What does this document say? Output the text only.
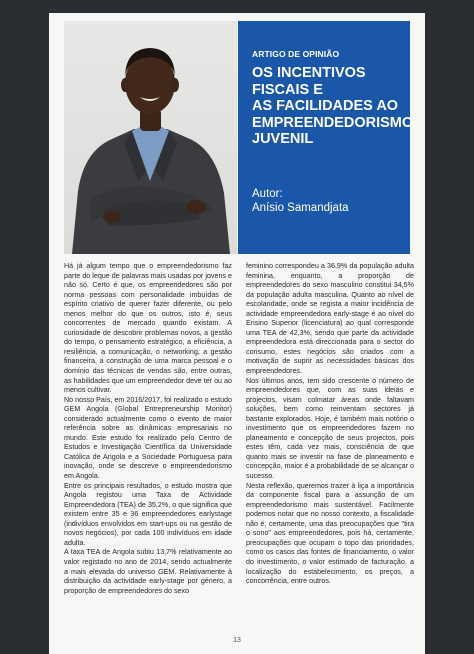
ARTIGO DE OPINIÃO
OS INCENTIVOS
FISCAIS E
AS FACILIDADES AO
EMPREENDEDORISMO
JUVENIL
Autor:
Anísio Samandjata

Há já algum tempo que o empreendedorismo faz parte do leque de palavras mais usadas por jovens e não só. Certo é que, os empreendedores são por norma pessoas com personalidade imbuídas de espírito criativo de querer fazer diferente, ou pelo menos melhor do que os outros, isto é, seus concorrentes de mercado quando existam. A curiosidade de descobrir problemas novos, a gestão do tempo, o pensamento estratégico, a eficiência, a resiliência, a comunicação, o networking, a gestão financeira, a construção de uma marca pessoal e o domínio das técnicas de vendas são, entre outras, as habilidades que um empreendedor deve ter ou ao menos cultivar.

No nosso País, em 2016/2017, foi realizado o estudo GEM Angola (Global Entrepreneurship Monitor) considerado actualmente como o evento de maior referência sobre as dinâmicas empresariais no mundo. Este estudo foi realizado pelo Centro de Estudos e Investigação Científica da Universidade Católica de Angola e a Sociedade Portuguesa para inovação, onde se descreve o empreendedorismo em Angola.

Entre os principais resultados, o estudo mostra que Angola registou uma Taxa de Actividade Empreendedora (TEA) de 35,2%, o que significa que existem entre 35 e 36 empreendedores earlystage (indivíduos envolvidos em start-ups ou na gestão de novos negócios), por cada 100 indivíduos em idade adulta.

A taxa TEA de Angola subiu 13,7% relativamente ao valor registado no ano de 2014, sendo actualmente a mais elevada do universo GEM. Relativamente à distribuição da actividade early-stage por género, a proporção de empreendedores do sexo

feminino correspondeu a 36,9% da população adulta feminina, enquanto, a proporção de empreendedores do sexo masculino constitui 34,5% da população adulta masculina. Quanto ao nível de escolaridade, onde se regista a maior incidência de actividade empreendedora early-stage é ao nível do Ensino Superior (licenciatura) ao qual corresponde uma TEA de 42,3%, sendo que parte da actividade empreendedora está direccionada para o sector do consumo, estes negócios são criados com a motivação de suprir as necessidades básicas dos empreendedores.

Nos últimos anos, tem sido crescente o número de empreendedores que, com as suas ideias e projectos, visam colmatar áreas onde faltavam soluções, bem como reinventam sectores já bastante explorados. Hoje, é também mais notório o investimento que os empreendedores fazem no planeamento e concepção de seus projectos, pois estes têm, cada vez mais, consciência de que quanto mais se investir na fase de planeamento e concepção, maior é a probabilidade de se alcançar o sucesso.

Nesta reflexão, queremos trazer à liça a importância da componente fiscal para a assunção de um empreendedorismo mais sustentável. Facilmente podemos notar que no nosso contexto, a fiscalidade não é, certamente, uma das preocupações que "tira o sono" aos empreendedores, pois há, certamente, preocupações que ocupam o topo das prioridades, como os casos das fontes de financiamento, o valor do investimento, o valor estimado de facturação, a localização do estabelecimento, os preços, a concorrência, entre outros.

13
